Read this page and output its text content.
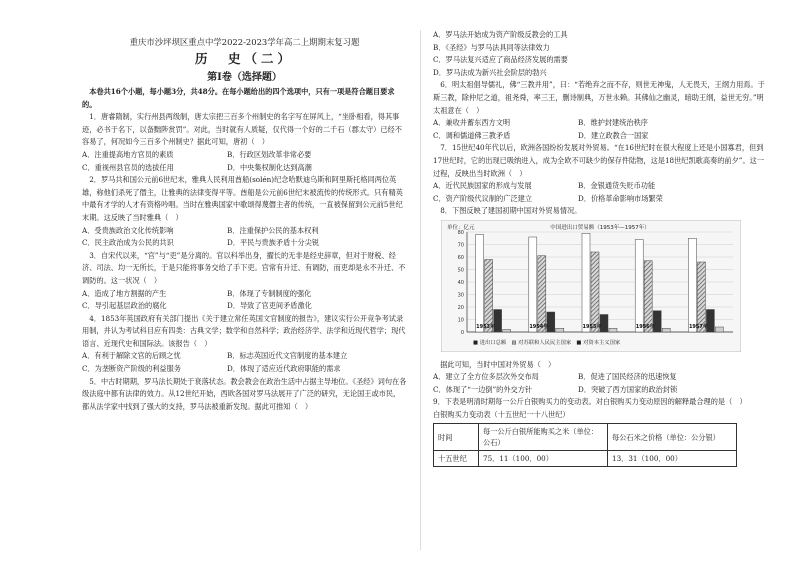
重庆市沙坪坝区重点中学2022-2023学年高二上期期末复习题
历　史（二）
第Ⅰ卷（选择题）
本卷共16个小题，每小题3分，共48分。在每小题给出的四个选项中，只有一项是符合题目要求的。
1．唐睿隋制，实行州县两级制，唐太宗把三百多个州制史的名字写在屏风上，“坐卧相看，得其事迹，必书于名下，以备黜陟赏罚”。对此，当时就有人质疑，仅代得一个好的二千石（郡太守）已经不容易了，何况如今三百多个州制史？据此可知，唐初（　）
A．注重提高地方官员的素质	B．行政区划改革非常必要
C．重视州县官员的选拔任用	D．中央集权制化达到高潮
2．罗马共和国公元前6世纪末，雅典人民利用酋船(solén)纪念哈默迪乌斯和阿里斯托格同两位英雄，称他们杀死了僭主，让雅典的法律变得平等。酋船是公元前6世纪末被流传的传统形式。只有精英中最有才学的人才有资格吟唱。当时在雅典国家中歌颂得蔑僭主者的传统，一直被保留到公元前5世纪末期。这反映了当时雅典（　）
A．受贵族政治文化传统影响	B．注重保护公民的基本权利
C．民主政治成为公民的共识	D．平民与贵族矛盾十分尖锐
3．自宋代以来，“官”与“吏”是分离的。官以科举出身，擢长的无非是经史辞章，但对于财税、经济、司法、均一无所长，于是只能将事务交给了手下吏。官常有升迁、有调防，而吏却是永不升迁、不调防的。这一状况（　）
A．造成了地方割据的产生	B．体现了专制制度的强化
C．导引起基层政治的腐化	D．导致了官吏间矛盾激化
4．1853年英国政府有关部门提出《关于建立常任英国文官制度的报告》，建议实行公开竞争考试录用制，并认为考试科目应有四类：古典文学；数学和自然科学；政治经济学、法学和近现代哲学；现代语言、近现代史和国际法。该报告（　）
A．有利于解除文官的后顾之忧	B．标志英国近代文官制度的基本建立
C．为垄断资产阶级的利益服务	D．体现了适应近代政府职能的需求
5．中古时期期，罗马法长期处于衰落状态。教会教会在政治生活中占据主导地位。《圣经》词句在各级法庭中都有法律的效力。从12世纪开始，西欧各国对罗马法展开了广泛的研究，无论国王或市民，都从法学家中找到了强大的支持，罗马法被重新发现。据此可推知（　）
A．罗马法开始成为资产阶级反教会的工具
B．《圣经》与罗马法具同等法律效力
C．罗马法复兴适应了商品经济发展的需要
D．罗马法成为新兴社会阶层的勃兴
6．明太祖倡导儒礼，佛“三教并用”，曰：“若绝弃之而不存，则世无神鬼，人无畏天，王纲力用焉。于斯三教，除仲尼之道，祖尧舜，率三王，删诗制典，万世永赖。其佛仙之幽灵，暗助王纲，益世无穷。”明太祖意在（　）
A．兼收并蓄东西方文明	B．维护封建统治秩序
C．调和儒道佛三教矛盾	D．建立政教合一国家
7．15世纪40年代以后，欧洲各国纷纷发展对外贸易。“在16世纪时在很大程度上还是小国寡君，但到17世纪时，它的出现已吸纳进入，成为全欧不可缺少的保存件陆物，这是18世纪凯歌高奏的前夕”。这一过程，反映出当时欧洲（　）
A．近代民族国家的形成与发展	B．金银通货失贬币功能
C．资产阶级代议制的广泛建立	D．价格革命影响市场繁荣
8．下图反映了建国初期中国对外贸易情况。
0
10
20
30
40
50
60
70
80
单位：亿元	中国进出口贸易额（1953年—1957年）
1953年	1954年	1955年	1956年	1957年
■ 进出口总额　▨ 对苏联和人民民主国家　■ 对资本主义国家
据此可知，当时中国对外贸易（　）
A．建立了全方位多层次外交布局	B．促进了国民经济的迅速恢复
C．体现了“一边倒”的外交方针	D．突破了西方国家的政治封锁
9．下表是明清时期每一公斤白银购买力的变动表。对白银购买力变动原因的解释最合理的是（　）
白银购买力变动表（十五世纪一十八世纪）
时间	每一公斤白银所能购买之米（单位：公石）	每公石米之价格（单位：公分银）
十五世纪	75．11（100．00）	13．31（100．00）
